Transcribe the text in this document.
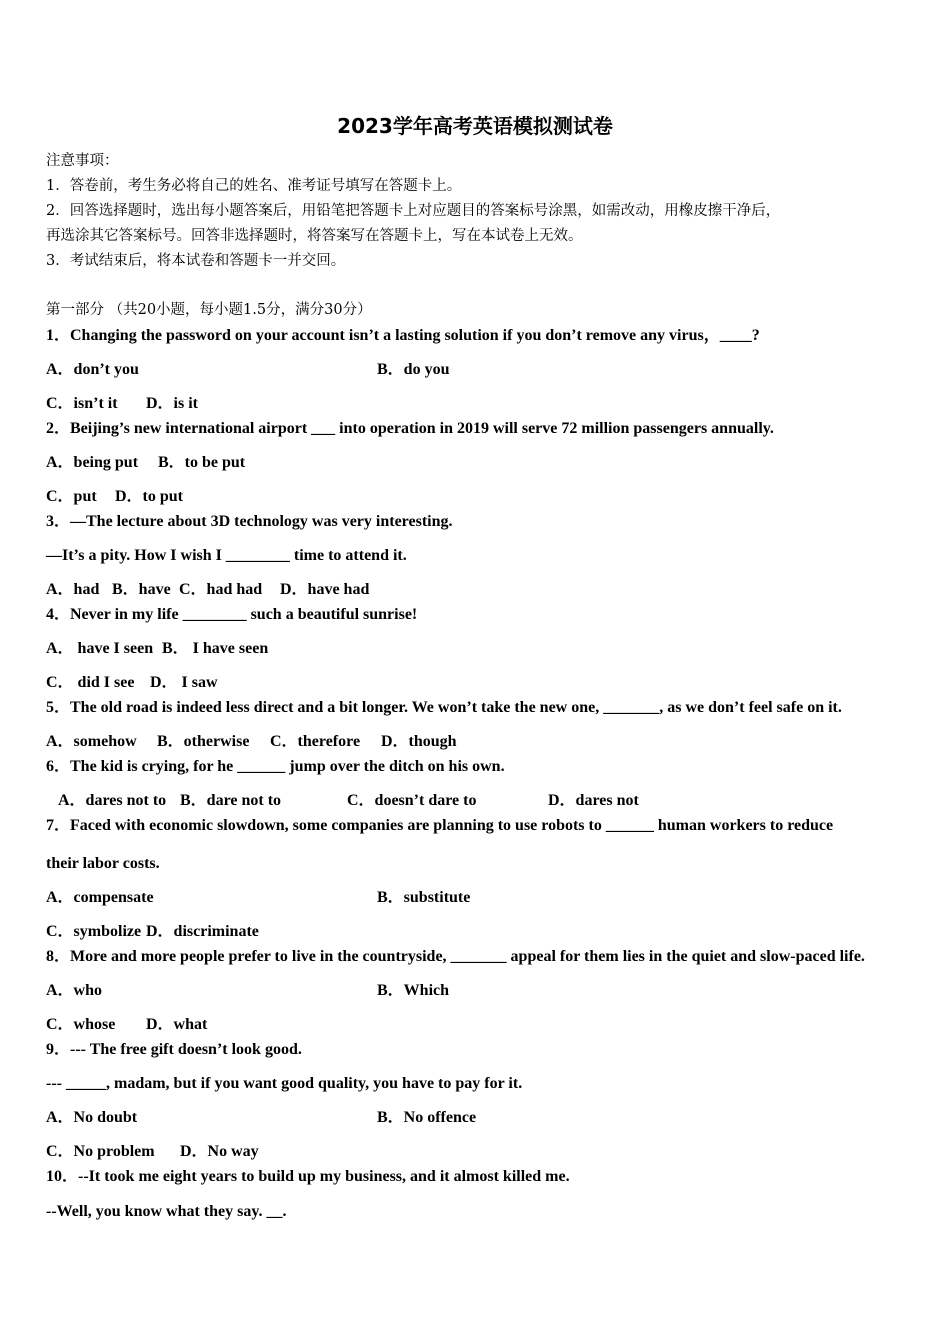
2023学年高考英语模拟测试卷
注意事项：
1．答卷前，考生务必将自己的姓名、准考证号填写在答题卡上。
2．回答选择题时，选出每小题答案后，用铅笔把答题卡上对应题目的答案标号涂黑，如需改动，用橡皮擦干净后，
再选涂其它答案标号。回答非选择题时，将答案写在答题卡上，写在本试卷上无效。
3．考试结束后，将本试卷和答题卡一并交回。
第一部分 （共20小题，每小题1.5分，满分30分）
1．Changing the password on your account isn’t a lasting solution if you don’t remove any virus，____?
A．don’t you	B．do you
C．isn’t it D．is it
2．Beijing’s new international airport ___ into operation in 2019 will serve 72 million passengers annually.
A．being put B．to be put
C．put D．to put
3．—The lecture about 3D technology was very interesting.
—It’s a pity. How I wish I ________ time to attend it.
A．had B．have C．had had D．have had
4．Never in my life ________ such a beautiful sunrise!
A． have I seen B． I have seen
C． did I see D． I saw
5．The old road is indeed less direct and a bit longer. We won’t take the new one, _______, as we don’t feel safe on it.
A．somehow B．otherwise C．therefore D．though
6．The kid is crying, for he ______ jump over the ditch on his own.
A．dares not to B．dare not to	C．doesn’t dare to	D．dares not
7．Faced with economic slowdown, some companies are planning to use robots to ______ human workers to reduce
their labor costs.
A．compensate	B．substitute
C．symbolize D．discriminate
8．More and more people prefer to live in the countryside, _______ appeal for them lies in the quiet and slow-paced life.
A．who	B．Which
C．whose D．what
9．--- The free gift doesn’t look good.
--- _____, madam, but if you want good quality, you have to pay for it.
A．No doubt	B．No offence
C．No problem D．No way
10．--It took me eight years to build up my business, and it almost killed me.
--Well, you know what they say. __.
